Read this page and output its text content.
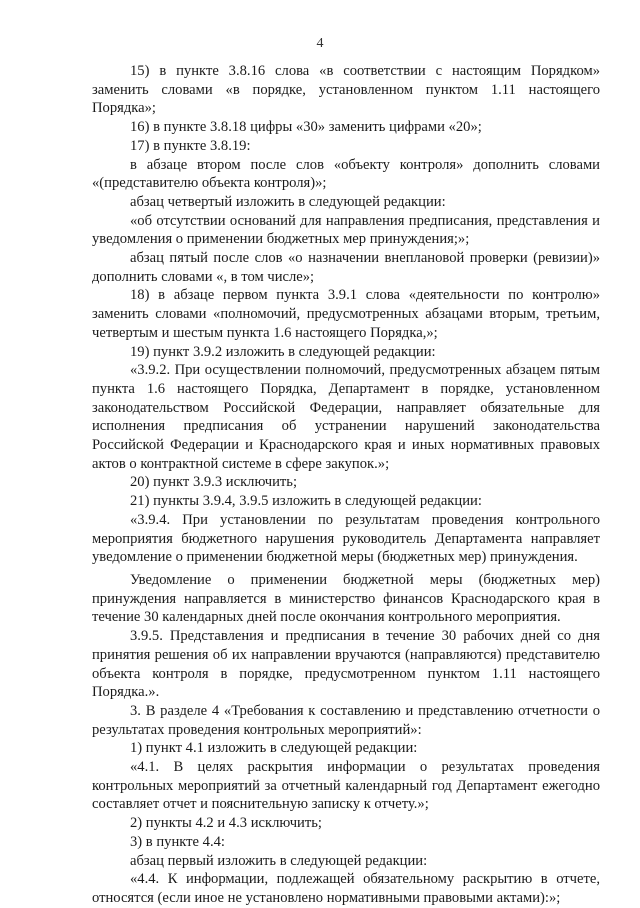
4

15) в пункте 3.8.16 слова «в соответствии с настоящим Порядком» заменить словами «в порядке, установленном пунктом 1.11 настоящего Порядка»;

16) в пункте 3.8.18 цифры «30» заменить цифрами «20»;

17) в пункте 3.8.19:

в абзаце втором после слов «объекту контроля» дополнить словами «(представителю объекта контроля)»;

абзац четвертый изложить в следующей редакции:

«об отсутствии оснований для направления предписания, представления и уведомления о применении бюджетных мер принуждения;»;

абзац пятый после слов «о назначении внеплановой проверки (ревизии)» дополнить словами «, в том числе»;

18) в абзаце первом пункта 3.9.1 слова «деятельности по контролю» заменить словами «полномочий, предусмотренных абзацами вторым, третьим, четвертым и шестым пункта 1.6 настоящего Порядка,»;

19) пункт 3.9.2 изложить в следующей редакции:

«3.9.2. При осуществлении полномочий, предусмотренных абзацем пятым пункта 1.6 настоящего Порядка, Департамент в порядке, установленном законодательством Российской Федерации, направляет обязательные для исполнения предписания об устранении нарушений законодательства Российской Федерации и Краснодарского края и иных нормативных правовых актов о контрактной системе в сфере закупок.»;

20) пункт 3.9.3 исключить;

21) пункты 3.9.4, 3.9.5 изложить в следующей редакции:

«3.9.4. При установлении по результатам проведения контрольного мероприятия бюджетного нарушения руководитель Департамента направляет уведомление о применении бюджетной меры (бюджетных мер) принуждения.

Уведомление о применении бюджетной меры (бюджетных мер) принуждения направляется в министерство финансов Краснодарского края в течение 30 календарных дней после окончания контрольного мероприятия.

3.9.5. Представления и предписания в течение 30 рабочих дней со дня принятия решения об их направлении вручаются (направляются) представителю объекта контроля в порядке, предусмотренном пунктом 1.11 настоящего Порядка.».

3. В разделе 4 «Требования к составлению и представлению отчетности о результатах проведения контрольных мероприятий»:

1) пункт 4.1 изложить в следующей редакции:

«4.1. В целях раскрытия информации о результатах проведения контрольных мероприятий за отчетный календарный год Департамент ежегодно составляет отчет и пояснительную записку к отчету.»;

2) пункты 4.2 и 4.3 исключить;

3) в пункте 4.4:

абзац первый изложить в следующей редакции:

«4.4. К информации, подлежащей обязательному раскрытию в отчете, относятся (если иное не установлено нормативными правовыми актами):»;
